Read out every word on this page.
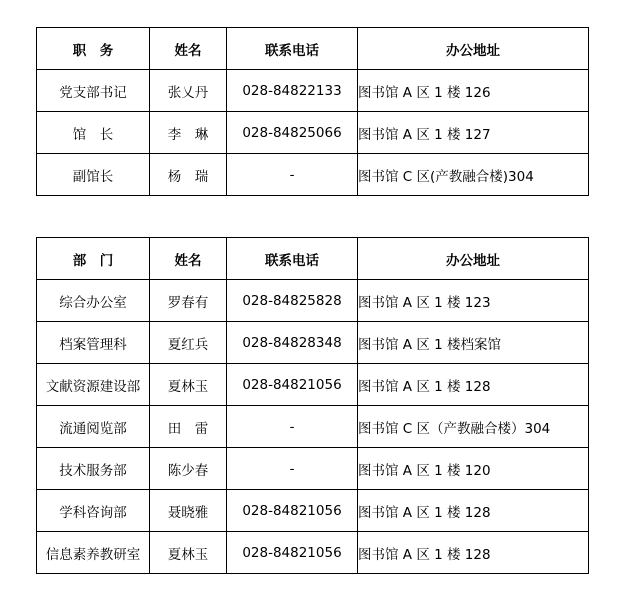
职　务	姓名	联系电话	办公地址
党支部书记	张乂丹	028-84822133	图书馆 A 区 1 楼 126
馆　长	李　琳	028-84825066	图书馆 A 区 1 楼 127
副馆长	杨　瑞	-	图书馆 C 区(产教融合楼)304
部　门	姓名	联系电话	办公地址
综合办公室	罗春有	028-84825828	图书馆 A 区 1 楼 123
档案管理科	夏红兵	028-84828348	图书馆 A 区 1 楼档案馆
文献资源建设部	夏林玉	028-84821056	图书馆 A 区 1 楼 128
流通阅览部	田　雷	-	图书馆 C 区（产教融合楼）304
技术服务部	陈少春	-	图书馆 A 区 1 楼 120
学科咨询部	聂晓雅	028-84821056	图书馆 A 区 1 楼 128
信息素养教研室	夏林玉	028-84821056	图书馆 A 区 1 楼 128
